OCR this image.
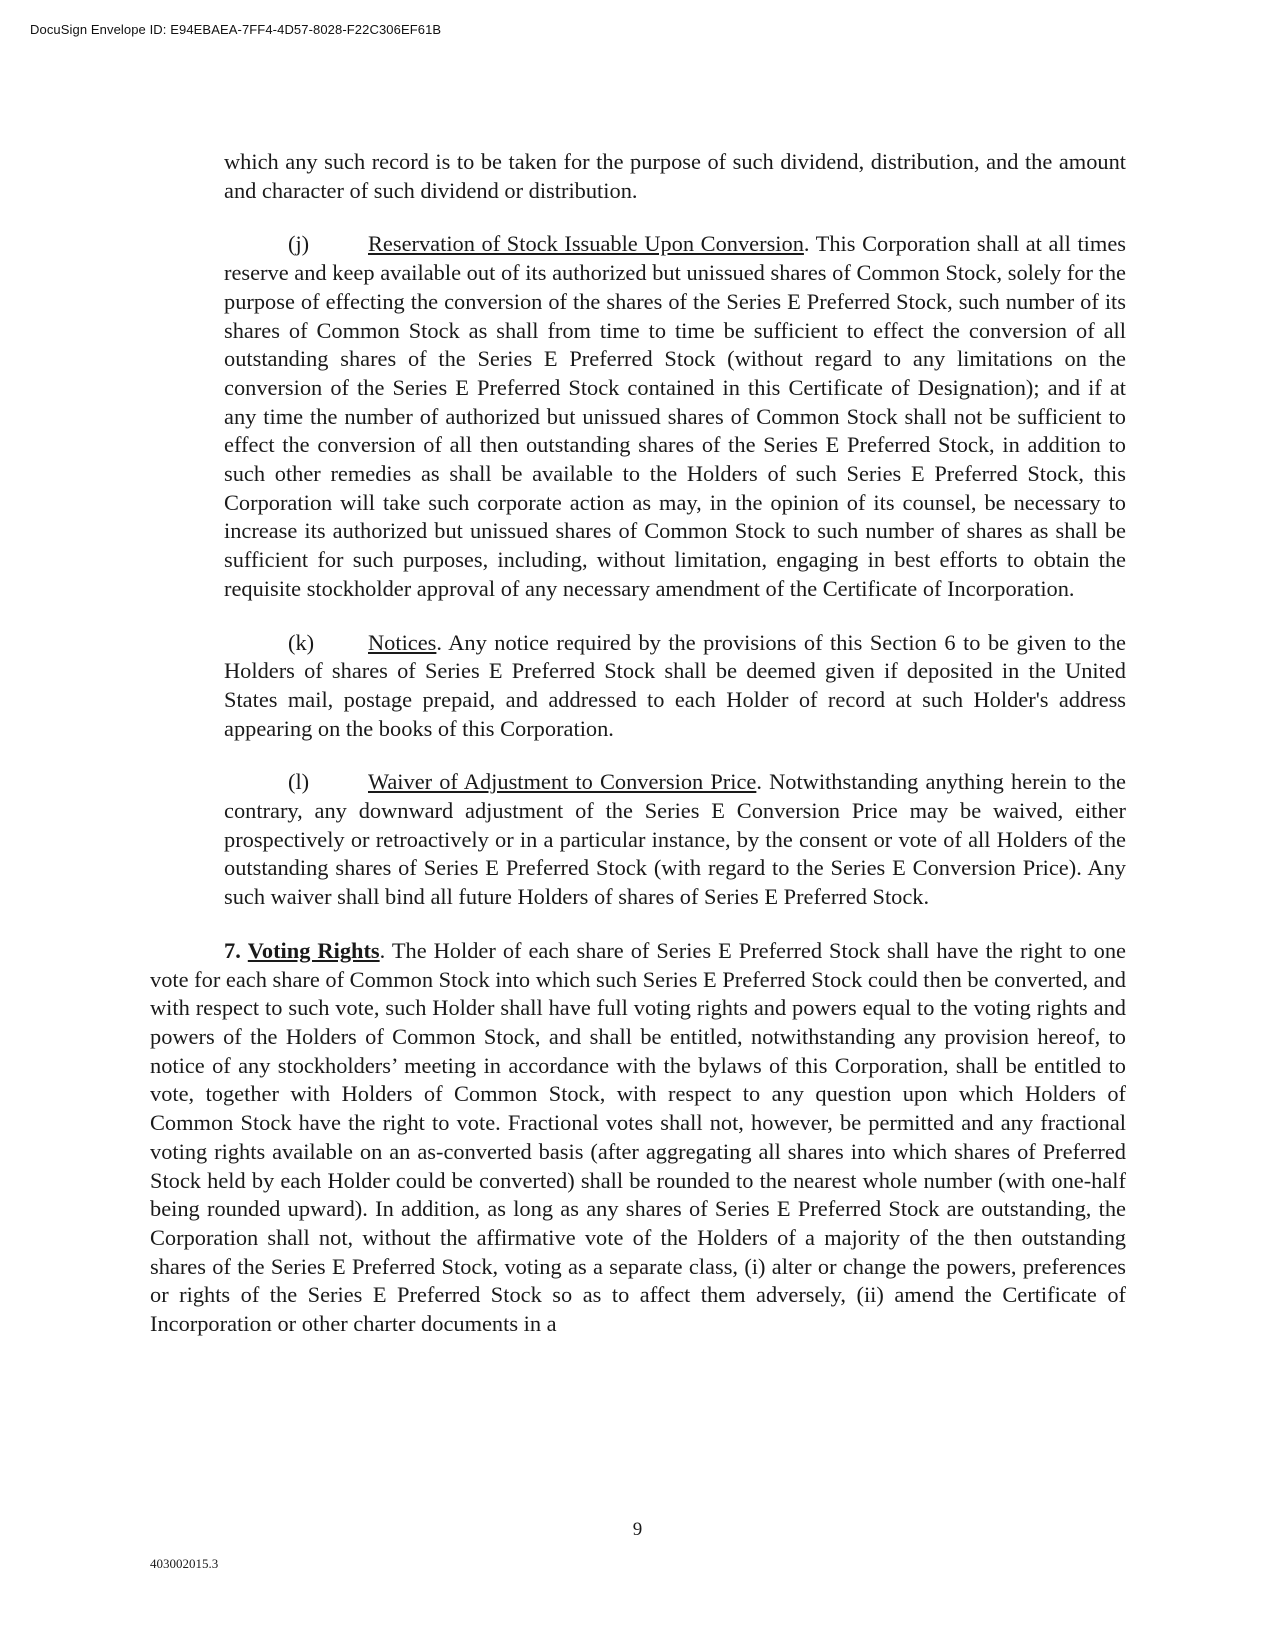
DocuSign Envelope ID: E94EBAEA-7FF4-4D57-8028-F22C306EF61B

which any such record is to be taken for the purpose of such dividend, distribution, and the amount and character of such dividend or distribution.

(j)	Reservation of Stock Issuable Upon Conversion. This Corporation shall at all times reserve and keep available out of its authorized but unissued shares of Common Stock, solely for the purpose of effecting the conversion of the shares of the Series E Preferred Stock, such number of its shares of Common Stock as shall from time to time be sufficient to effect the conversion of all outstanding shares of the Series E Preferred Stock (without regard to any limitations on the conversion of the Series E Preferred Stock contained in this Certificate of Designation); and if at any time the number of authorized but unissued shares of Common Stock shall not be sufficient to effect the conversion of all then outstanding shares of the Series E Preferred Stock, in addition to such other remedies as shall be available to the Holders of such Series E Preferred Stock, this Corporation will take such corporate action as may, in the opinion of its counsel, be necessary to increase its authorized but unissued shares of Common Stock to such number of shares as shall be sufficient for such purposes, including, without limitation, engaging in best efforts to obtain the requisite stockholder approval of any necessary amendment of the Certificate of Incorporation.

(k) Notices. Any notice required by the provisions of this Section 6 to be given to the Holders of shares of Series E Preferred Stock shall be deemed given if deposited in the United States mail, postage prepaid, and addressed to each Holder of record at such Holder's address appearing on the books of this Corporation.

(l)	Waiver of Adjustment to Conversion Price. Notwithstanding anything herein to the contrary, any downward adjustment of the Series E Conversion Price may be waived, either prospectively or retroactively or in a particular instance, by the consent or vote of all Holders of the outstanding shares of Series E Preferred Stock (with regard to the Series E Conversion Price). Any such waiver shall bind all future Holders of shares of Series E Preferred Stock.

7. Voting Rights. The Holder of each share of Series E Preferred Stock shall have the right to one vote for each share of Common Stock into which such Series E Preferred Stock could then be converted, and with respect to such vote, such Holder shall have full voting rights and powers equal to the voting rights and powers of the Holders of Common Stock, and shall be entitled, notwithstanding any provision hereof, to notice of any stockholders’ meeting in accordance with the bylaws of this Corporation, shall be entitled to vote, together with Holders of Common Stock, with respect to any question upon which Holders of Common Stock have the right to vote. Fractional votes shall not, however, be permitted and any fractional voting rights available on an as-converted basis (after aggregating all shares into which shares of Preferred Stock held by each Holder could be converted) shall be rounded to the nearest whole number (with one-half being rounded upward). In addition, as long as any shares of Series E Preferred Stock are outstanding, the Corporation shall not, without the affirmative vote of the Holders of a majority of the then outstanding shares of the Series E Preferred Stock, voting as a separate class, (i) alter or change the powers, preferences or rights of the Series E Preferred Stock so as to affect them adversely, (ii) amend the Certificate of Incorporation or other charter documents in a

9
403002015.3
